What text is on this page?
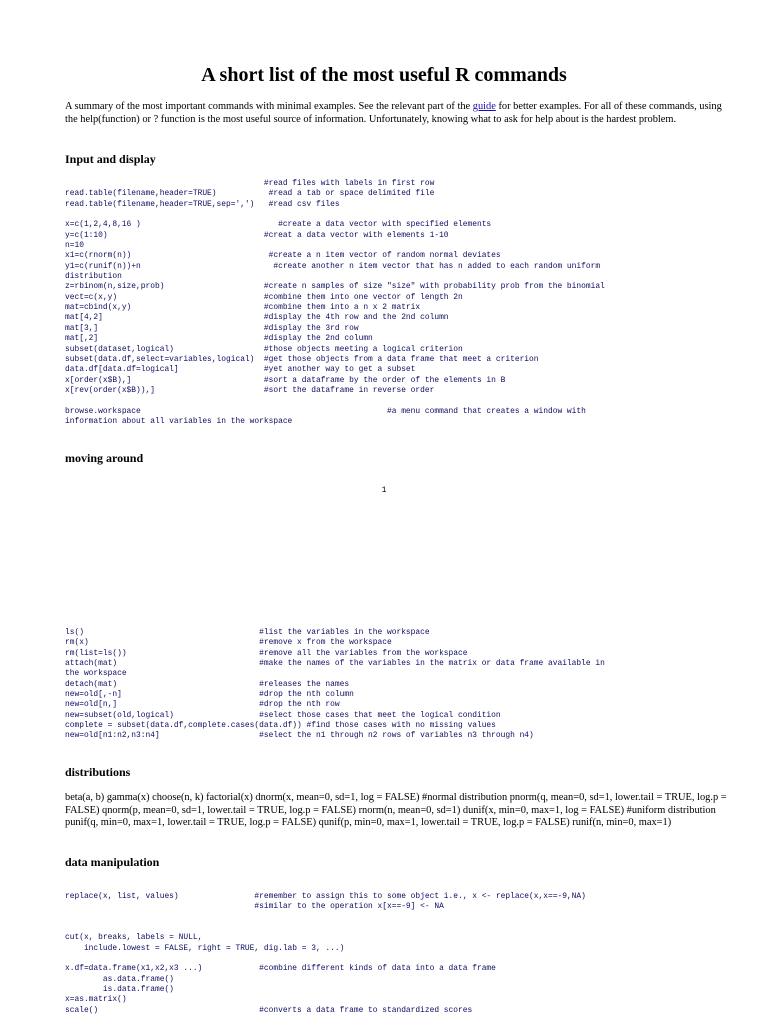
A short list of the most useful R commands

A summary of the most important commands with minimal examples. See the relevant part of the guide for better examples. For all of these commands, using the help(function) or ? function is the most useful source of information. Unfortunately, knowing what to ask for help about is the hardest problem.

Input and display
#read files with labels in first row
read.table(filename,header=TRUE)           #read a tab or space delimited file
read.table(filename,header=TRUE,sep=',')   #read csv files

x=c(1,2,4,8,16 )                             #create a data vector with specified elements
y=c(1:10)                                 #creat a data vector with elements 1-10
n=10
x1=c(rnorm(n))                             #create a n item vector of random normal deviates
y1=c(runif(n))+n                            #create another n item vector that has n added to each random uniform
distribution
z=rbinom(n,size,prob)                     #create n samples of size "size" with probability prob from the binomial
vect=c(x,y)                               #combine them into one vector of length 2n
mat=cbind(x,y)                            #combine them into a n x 2 matrix
mat[4,2]                                  #display the 4th row and the 2nd column
mat[3,]                                   #display the 3rd row
mat[,2]                                   #display the 2nd column
subset(dataset,logical)                   #those objects meeting a logical criterion
subset(data.df,select=variables,logical)  #get those objects from a data frame that meet a criterion
data.df[data.df=logical]                  #yet another way to get a subset
x[order(x$B),]                            #sort a dataframe by the order of the elements in B
x[rev(order(x$B)),]                       #sort the dataframe in reverse order

browse.workspace                                                    #a menu command that creates a window with
information about all variables in the workspace
moving around

1

ls()                                     #list the variables in the workspace
rm(x)                                    #remove x from the workspace
rm(list=ls())                            #remove all the variables from the workspace
attach(mat)                              #make the names of the variables in the matrix or data frame available in
the workspace
detach(mat)                              #releases the names
new=old[,-n]                             #drop the nth column
new=old[n,]                              #drop the nth row
new=subset(old,logical)                  #select those cases that meet the logical condition
complete = subset(data.df,complete.cases(data.df)) #find those cases with no missing values
new=old[n1:n2,n3:n4]                     #select the n1 through n2 rows of variables n3 through n4)
distributions

beta(a, b) gamma(x) choose(n, k) factorial(x) dnorm(x, mean=0, sd=1, log = FALSE) #normal distribution pnorm(q, mean=0, sd=1, lower.tail = TRUE, log.p = FALSE) qnorm(p, mean=0, sd=1, lower.tail = TRUE, log.p = FALSE) rnorm(n, mean=0, sd=1) dunif(x, min=0, max=1, log = FALSE) #uniform distribution punif(q, min=0, max=1, lower.tail = TRUE, log.p = FALSE) qunif(p, min=0, max=1, lower.tail = TRUE, log.p = FALSE) runif(n, min=0, max=1)

data manipulation
replace(x, list, values)                #remember to assign this to some object i.e., x <- replace(x,x==-9,NA)
#similar to the operation x[x==-9] <- NA

cut(x, breaks, labels = NULL,
include.lowest = FALSE, right = TRUE, dig.lab = 3, ...)

x.df=data.frame(x1,x2,x3 ...)            #combine different kinds of data into a data frame
as.data.frame()
is.data.frame()
x=as.matrix()
scale()                                  #converts a data frame to standardized scores
